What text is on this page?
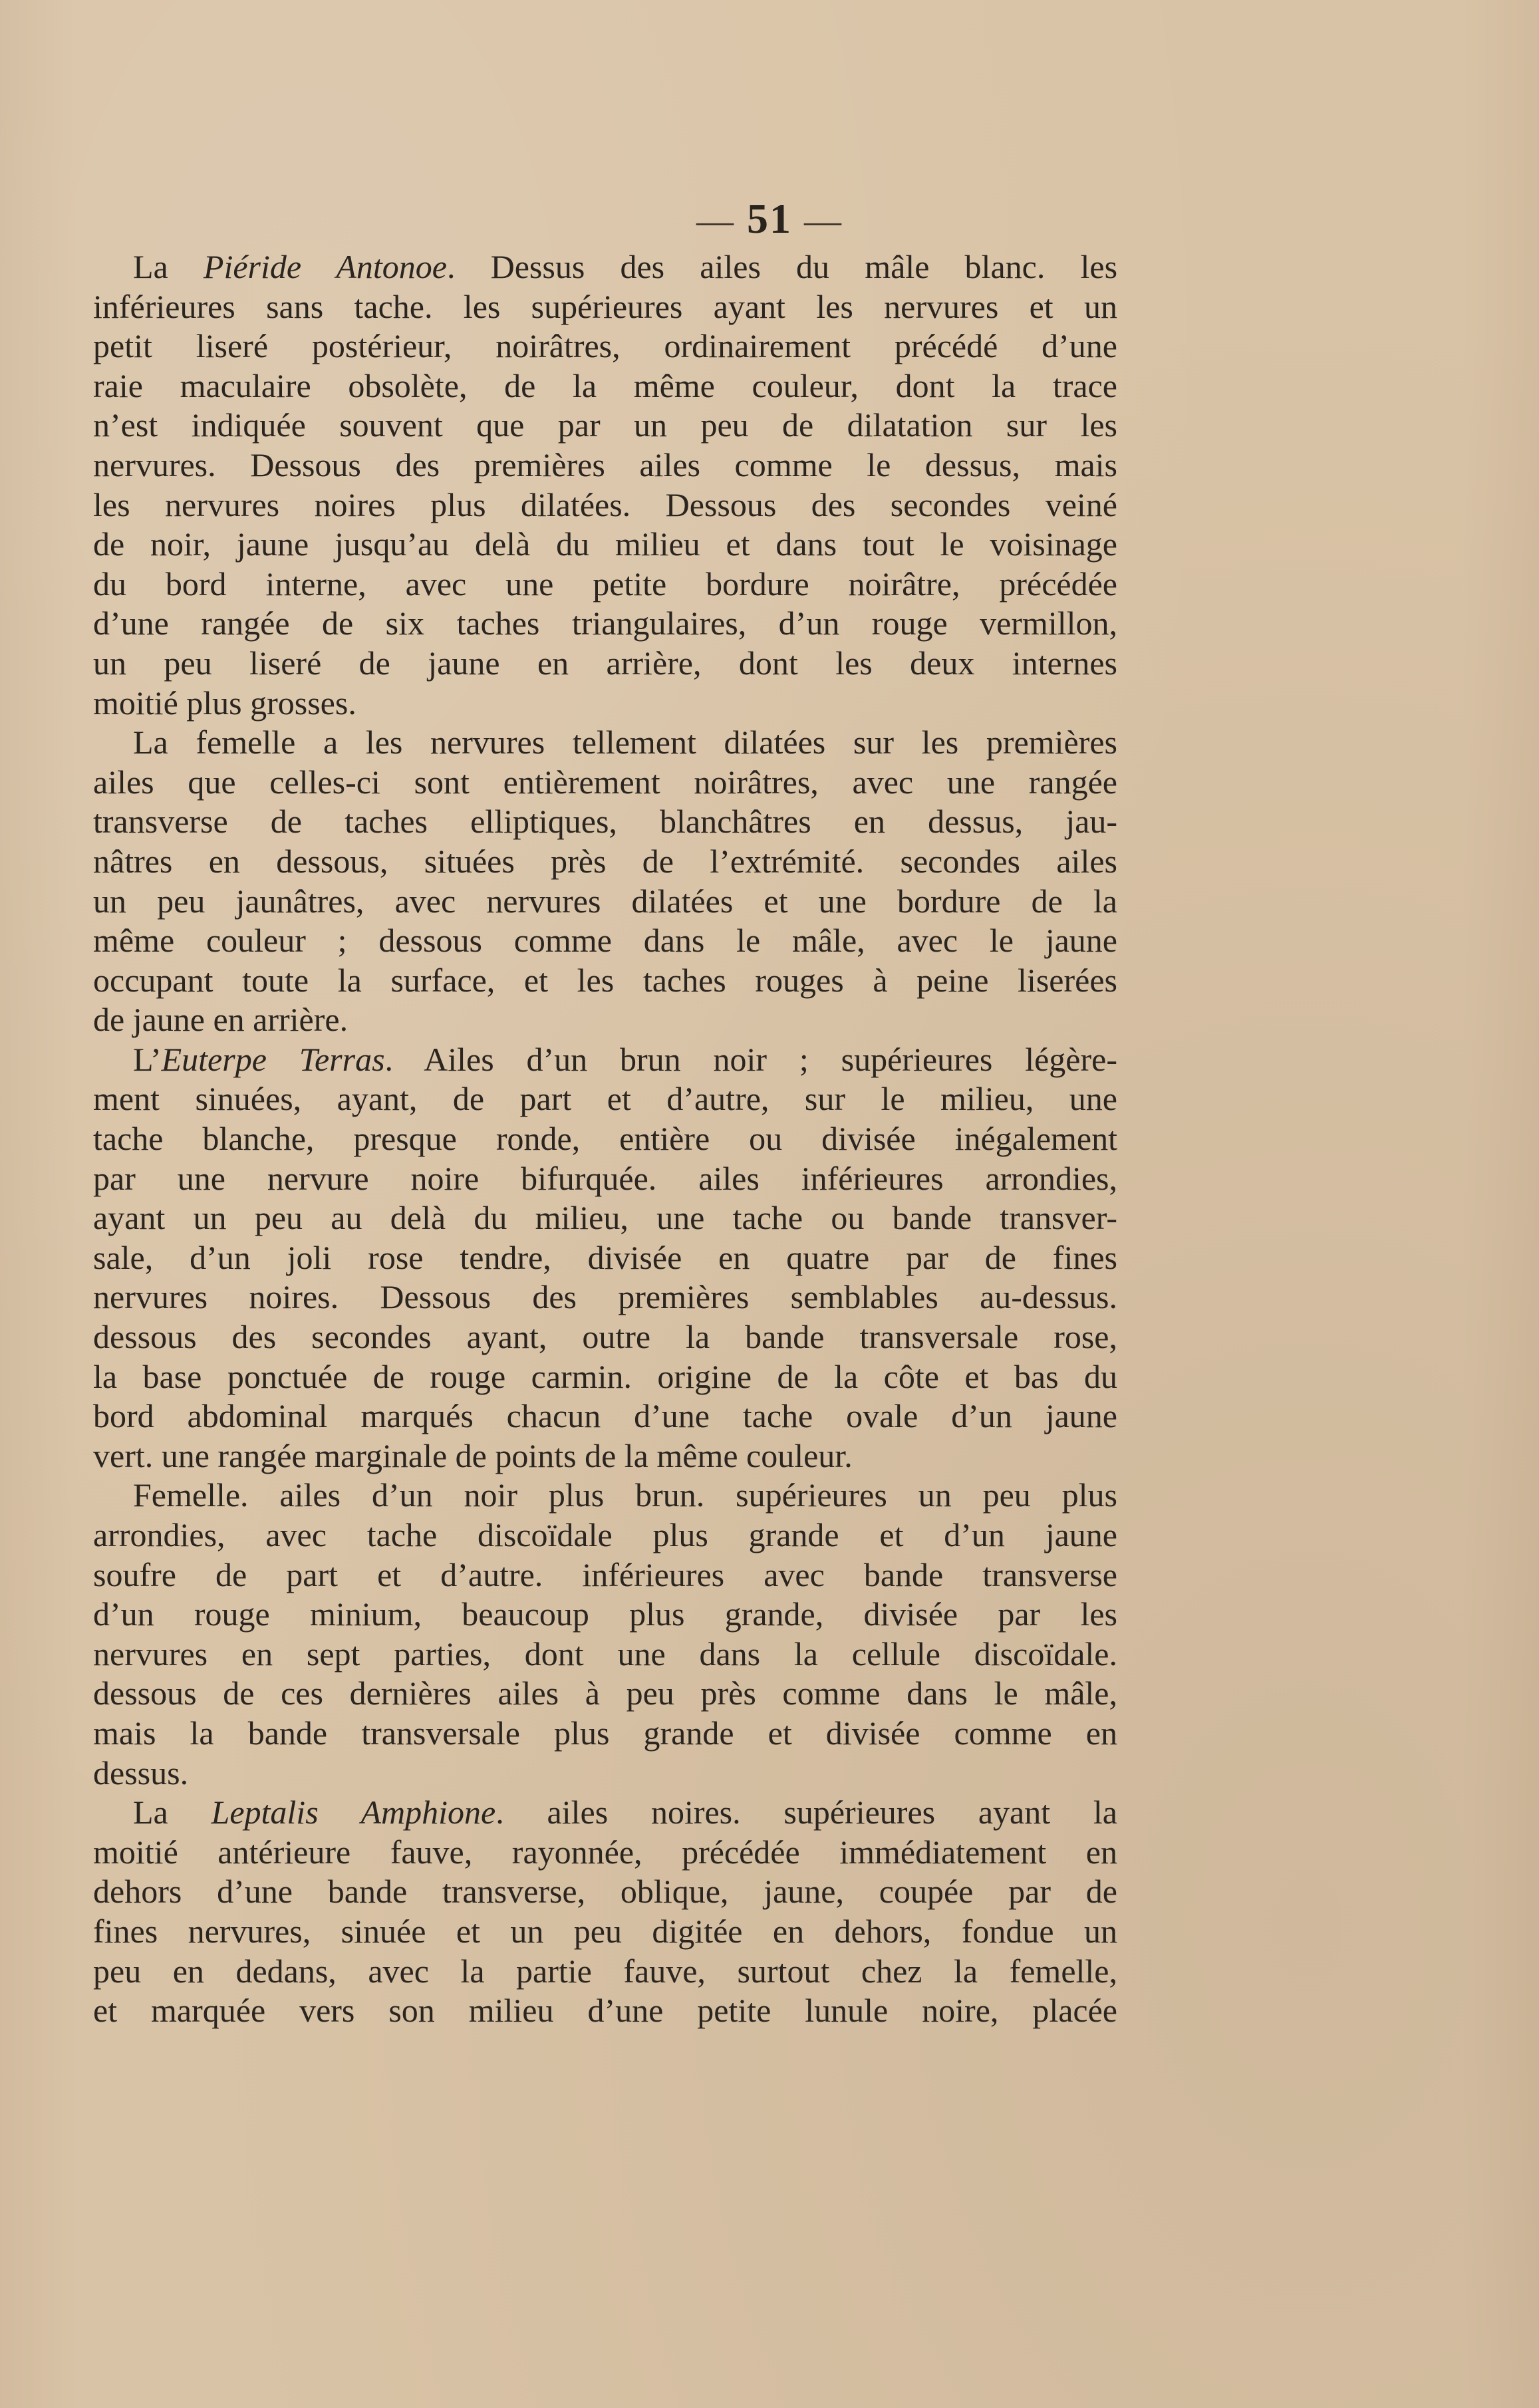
— 51 —
La Piéride Antonoe. Dessus des ailes du mâle blanc. les
inférieures sans tache. les supérieures ayant les nervures et un
petit liseré postérieur, noirâtres, ordinairement précédé d’une
raie maculaire obsolète, de la même couleur, dont la trace
n’est indiquée souvent que par un peu de dilatation sur les
nervures. Dessous des premières ailes comme le dessus, mais
les nervures noires plus dilatées. Dessous des secondes veiné
de noir, jaune jusqu’au delà du milieu et dans tout le voisinage
du bord interne, avec une petite bordure noirâtre, précédée
d’une rangée de six taches triangulaires, d’un rouge vermillon,
un peu liseré de jaune en arrière, dont les deux internes
moitié plus grosses.
La femelle a les nervures tellement dilatées sur les premières
ailes que celles-ci sont entièrement noirâtres, avec une rangée
transverse de taches elliptiques, blanchâtres en dessus, jau-
nâtres en dessous, situées près de l’extrémité. secondes ailes
un peu jaunâtres, avec nervures dilatées et une bordure de la
même couleur ; dessous comme dans le mâle, avec le jaune
occupant toute la surface, et les taches rouges à peine liserées
de jaune en arrière.
L’Euterpe Terras. Ailes d’un brun noir ; supérieures légère-
ment sinuées, ayant, de part et d’autre, sur le milieu, une
tache blanche, presque ronde, entière ou divisée inégalement
par une nervure noire bifurquée. ailes inférieures arrondies,
ayant un peu au delà du milieu, une tache ou bande transver-
sale, d’un joli rose tendre, divisée en quatre par de fines
nervures noires. Dessous des premières semblables au-dessus.
dessous des secondes ayant, outre la bande transversale rose,
la base ponctuée de rouge carmin. origine de la côte et bas du
bord abdominal marqués chacun d’une tache ovale d’un jaune
vert. une rangée marginale de points de la même couleur.
Femelle. ailes d’un noir plus brun. supérieures un peu plus
arrondies, avec tache discoïdale plus grande et d’un jaune
soufre de part et d’autre. inférieures avec bande transverse
d’un rouge minium, beaucoup plus grande, divisée par les
nervures en sept parties, dont une dans la cellule discoïdale.
dessous de ces dernières ailes à peu près comme dans le mâle,
mais la bande transversale plus grande et divisée comme en
dessus.
La Leptalis Amphione. ailes noires. supérieures ayant la
moitié antérieure fauve, rayonnée, précédée immédiatement en
dehors d’une bande transverse, oblique, jaune, coupée par de
fines nervures, sinuée et un peu digitée en dehors, fondue un
peu en dedans, avec la partie fauve, surtout chez la femelle,
et marquée vers son milieu d’une petite lunule noire, placée
